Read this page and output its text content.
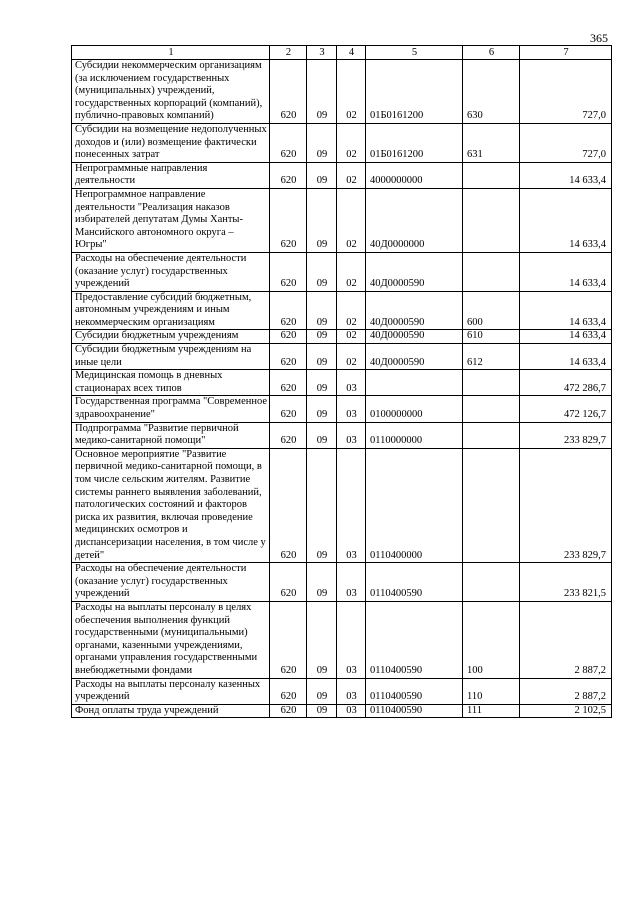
365
1	2	3	4	5	6	7
Субсидии некоммерческим организациям (за исключением государственных (муниципальных) учреждений, государственных корпораций (компаний), публично-правовых компаний)	620	09	02	01Б0161200	630	727,0
Субсидии на возмещение недополученных доходов и (или) возмещение фактически понесенных затрат	620	09	02	01Б0161200	631	727,0
Непрограммные направления деятельности	620	09	02	4000000000		14 633,4
Непрограммное направление деятельности "Реализация наказов избирателей депутатам Думы Ханты-Мансийского автономного округа – Югры"	620	09	02	40Д0000000		14 633,4
Расходы на обеспечение деятельности (оказание услуг) государственных учреждений	620	09	02	40Д0000590		14 633,4
Предоставление субсидий бюджетным, автономным учреждениям и иным некоммерческим организациям	620	09	02	40Д0000590	600	14 633,4
Субсидии бюджетным учреждениям	620	09	02	40Д0000590	610	14 633,4
Субсидии бюджетным учреждениям на иные цели	620	09	02	40Д0000590	612	14 633,4
Медицинская помощь в дневных стационарах всех типов	620	09	03			472 286,7
Государственная программа "Современное здравоохранение"	620	09	03	0100000000		472 126,7
Подпрограмма "Развитие первичной медико-санитарной помощи"	620	09	03	0110000000		233 829,7
Основное мероприятие "Развитие первичной медико-санитарной помощи, в том числе сельским жителям. Развитие системы раннего выявления заболеваний, патологических состояний и факторов риска их развития, включая проведение медицинских осмотров и диспансеризации населения, в том числе у детей"	620	09	03	0110400000		233 829,7
Расходы на обеспечение деятельности (оказание услуг) государственных учреждений	620	09	03	0110400590		233 821,5
Расходы на выплаты персоналу в целях обеспечения выполнения функций государственными (муниципальными) органами, казенными учреждениями, органами управления государственными внебюджетными фондами	620	09	03	0110400590	100	2 887,2
Расходы на выплаты персоналу казенных учреждений	620	09	03	0110400590	110	2 887,2
Фонд оплаты труда учреждений	620	09	03	0110400590	111	2 102,5
